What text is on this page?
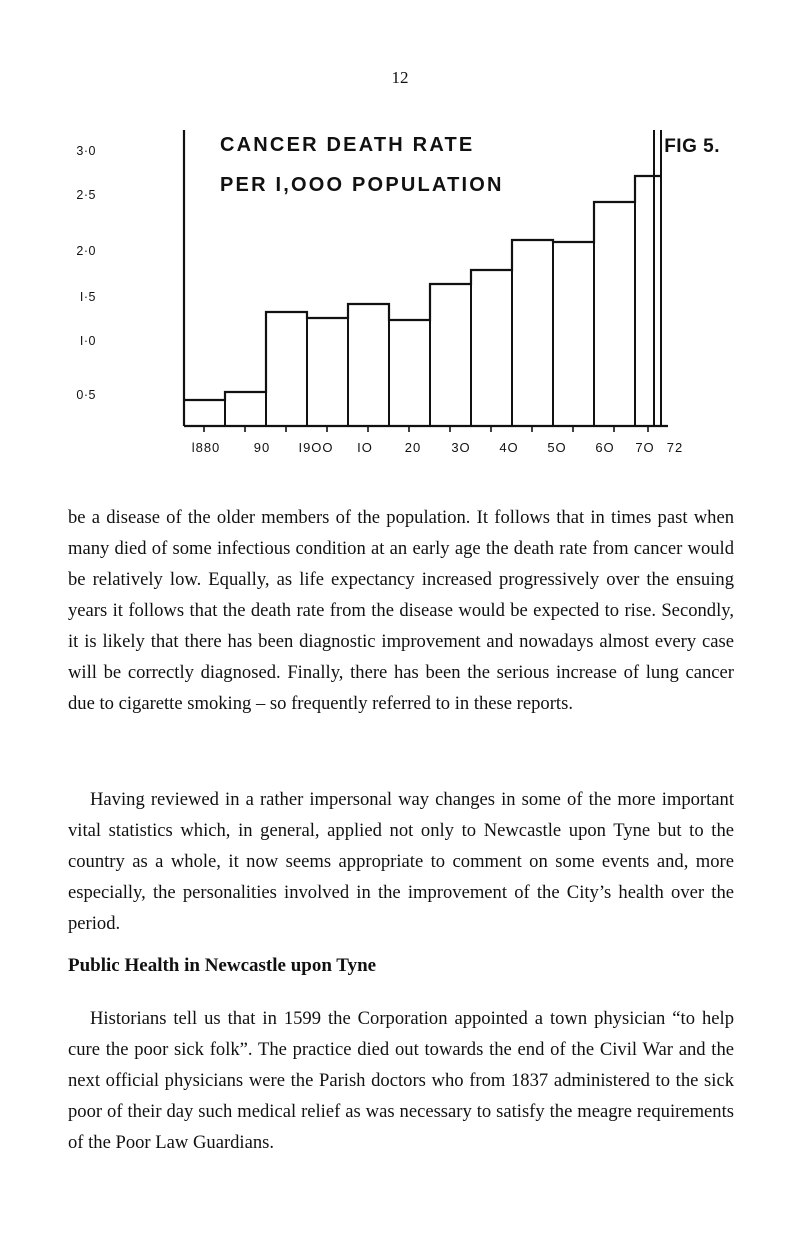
12
FIG 5.
CANCER DEATH RATE
PER I,OOO POPULATION
3·0
2·5
2·0
I·5
I·0
0·5
l880	90 I9OO IO 20 3O 4O 5O 6O 7O 72
be a disease of the older members of the population. It follows that in times past when many died of some infectious condition at an early age the death rate from cancer would be relatively low. Equally, as life expectancy increased progressively over the ensuing years it follows that the death rate from the disease would be expected to rise. Secondly, it is likely that there has been diagnostic improvement and nowadays almost every case will be correctly diagnosed. Finally, there has been the serious increase of lung cancer due to cigarette smoking – so frequently referred to in these reports.
Having reviewed in a rather impersonal way changes in some of the more important vital statistics which, in general, applied not only to Newcastle upon Tyne but to the country as a whole, it now seems appropriate to comment on some events and, more especially, the personalities involved in the improvement of the City’s health over the period.
Public Health in Newcastle upon Tyne
Historians tell us that in 1599 the Corporation appointed a town physician “to help cure the poor sick folk”. The practice died out towards the end of the Civil War and the next official physicians were the Parish doctors who from 1837 administered to the sick poor of their day such medical relief as was necessary to satisfy the meagre requirements of the Poor Law Guardians.
